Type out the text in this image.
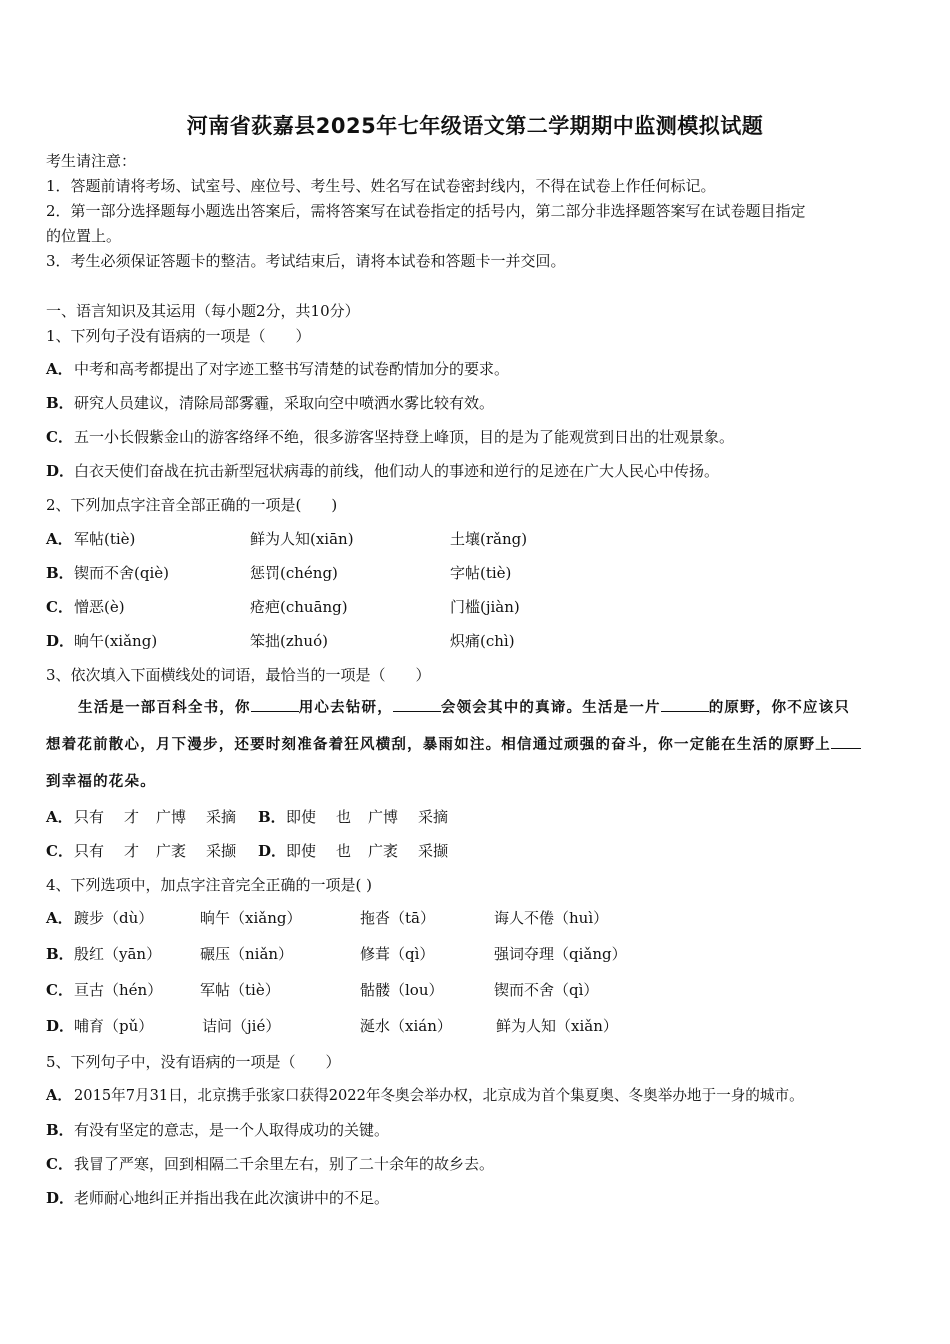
河南省荻嘉县2025年七年级语文第二学期期中监测模拟试题
考生请注意：
1．答题前请将考场、试室号、座位号、考生号、姓名写在试卷密封线内，不得在试卷上作任何标记。
2．第一部分选择题每小题选出答案后，需将答案写在试卷指定的括号内，第二部分非选择题答案写在试卷题目指定
的位置上。
3．考生必须保证答题卡的整洁。考试结束后，请将本试卷和答题卡一并交回。
一、语言知识及其运用（每小题2分，共10分）
1、下列句子没有语病的一项是（　　）
A．中考和高考都提出了对字迹工整书写清楚的试卷酌情加分的要求。
B．研究人员建议，清除局部雾霾，采取向空中喷洒水雾比较有效。
C．五一小长假紫金山的游客络绎不绝，很多游客坚持登上峰顶，目的是为了能观赏到日出的壮观景象。
D．白衣天使们奋战在抗击新型冠状病毒的前线，他们动人的事迹和逆行的足迹在广大人民心中传扬。
2、下列加点字注音全部正确的一项是(　　)
A． 军帖(tiè)	鲜为人知(xiān)	土壤(rǎng)
B． 锲而不舍(qiè)	惩罚(chéng)	字帖(tiè)
C． 憎恶(è)	疮疤(chuāng)	门槛(jiàn)
D． 晌午(xiǎng)	笨拙(zhuó)	炽痛(chì)
3、依次填入下面横线处的词语，最恰当的一项是（　　）
生活是一部百科全书，你	用心去钻研，	会领会其中的真谛。生活是一片	的原野，你不应该只
想着花前散心，月下漫步，还要时刻准备着狂风横刮，暴雨如注。相信通过顽强的奋斗，你一定能在生活的原野上
到幸福的花朵。
A． 只有 才 广博 采摘 B． 即使 也 广博 采摘
C． 只有 才 广袤 采撷 D． 即使 也 广袤 采撷
4、下列选项中，加点字注音完全正确的一项是( )
A． 踱步（dù）	晌午（xiǎng）	拖沓（tā）	诲人不倦（huì）
B． 殷红（yān）	碾压（niǎn）	修葺（qì）	强词夺理（qiǎng）
C． 亘古（hén）	军帖（tiè）	骷髅（lou）	锲而不舍（qì）
D． 哺育（pǔ）	诘问（jié）	涎水（xián）	鲜为人知（xiǎn）
5、下列句子中，没有语病的一项是（　　）
A． 2015年7月31日，北京携手张家口获得2022年冬奥会举办权，北京成为首个集夏奥、冬奥举办地于一身的城市。
B．有没有坚定的意志，是一个人取得成功的关键。
C．我冒了严寒，回到相隔二千余里左右，别了二十余年的故乡去。
D．老师耐心地纠正并指出我在此次演讲中的不足。
